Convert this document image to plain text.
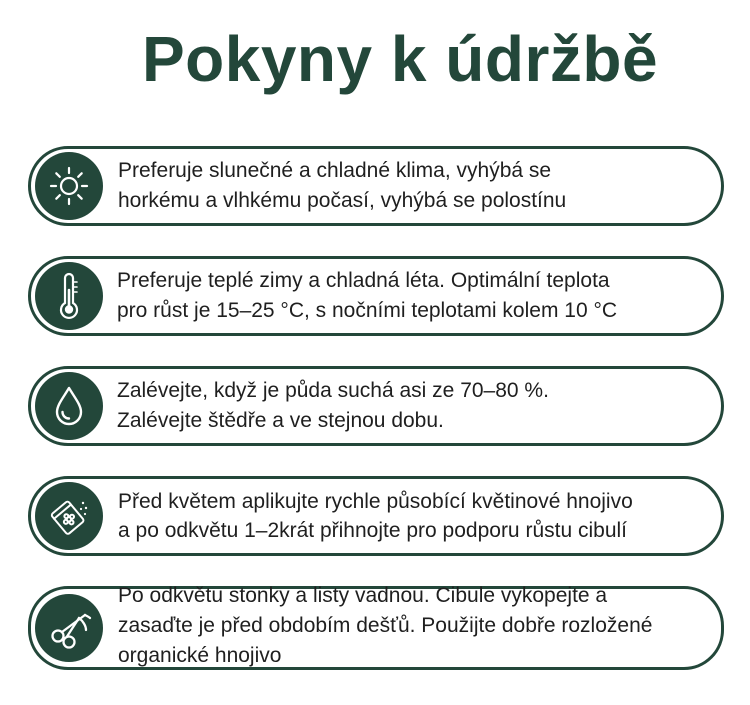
Pokyny k údržbě

Preferuje slunečné a chladné klima, vyhýbá se
horkému a vlhkému počasí, vyhýbá se polostínu

Preferuje teplé zimy a chladná léta. Optimální teplota
pro růst je 15–25 °C, s nočními teplotami kolem 10 °C

Zalévejte, když je půda suchá asi ze 70–80 %.
Zalévejte štědře a ve stejnou dobu.

Před květem aplikujte rychle působící květinové hnojivo
a po odkvětu 1–2krát přihnojte pro podporu růstu cibulí

Po odkvětu stonky a listy vadnou. Cibule vykopejte a
zasaďte je před obdobím dešťů. Použijte dobře rozložené
organické hnojivo
